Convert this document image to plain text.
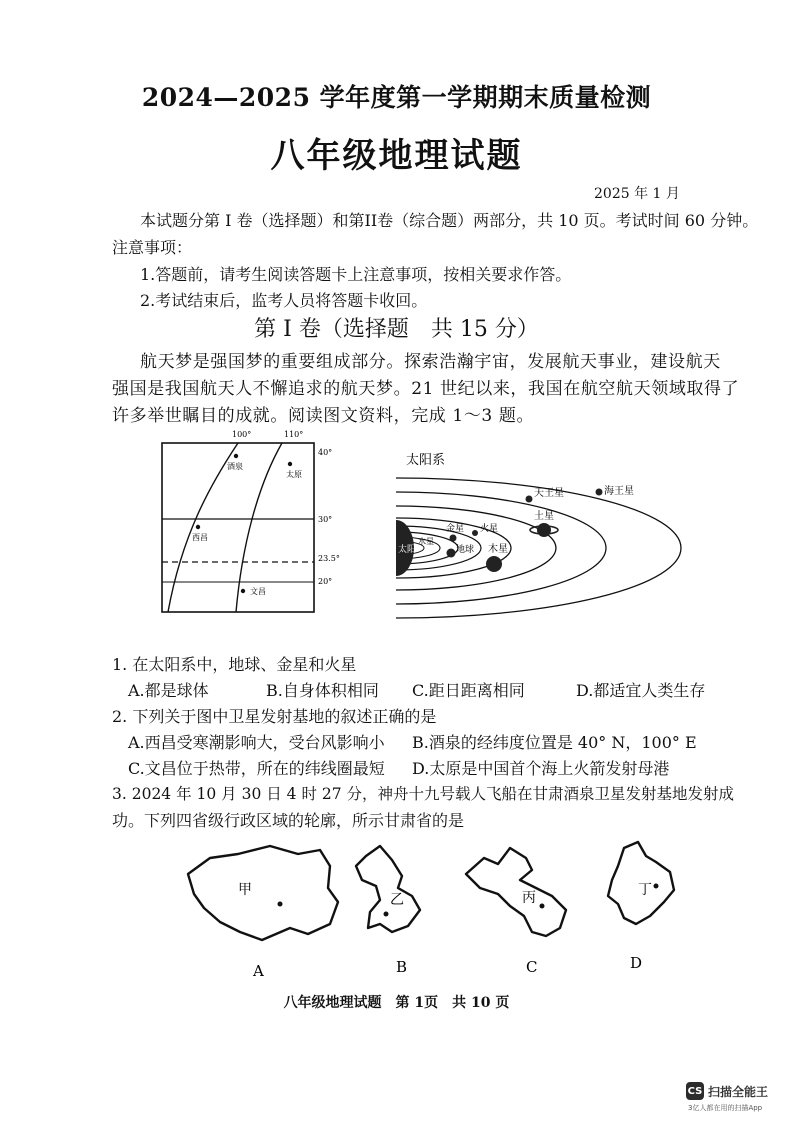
2024—2025 学年度第一学期期末质量检测
八年级地理试题
2025 年 1 月
本试题分第 I 卷（选择题）和第II卷（综合题）两部分，共 10 页。考试时间 60 分钟。
注意事项：
1.答题前，请考生阅读答题卡上注意事项，按相关要求作答。
2.考试结束后，监考人员将答题卡收回。
第 I 卷（选择题　共 15 分）
航天梦是强国梦的重要组成部分。探索浩瀚宇宙，发展航天事业，建设航天
强国是我国航天人不懈追求的航天梦。21 世纪以来，我国在航空航天领域取得了
许多举世瞩目的成就。阅读图文资料，完成 1～3 题。
100°	110°
40°
30°
23.5°
20°
酒泉
太原
西昌
文昌
太阳系
太阳
水星
金星
地球
火星
木星
土星
天王星	海王星
1. 在太阳系中，地球、金星和火星
A.都是球体	B.自身体积相同 C.距日距离相同	D.都适宜人类生存
2. 下列关于图中卫星发射基地的叙述正确的是
A.西昌受寒潮影响大，受台风影响小 B.酒泉的经纬度位置是 40° N，100° E
C.文昌位于热带，所在的纬线圈最短 D.太原是中国首个海上火箭发射母港
3. 2024 年 10 月 30 日 4 时 27 分，神舟十九号载人飞船在甘肃酒泉卫星发射基地发射成
功。下列四省级行政区域的轮廓，所示甘肃省的是
甲
A
乙
B
丙
C
丁
D
八年级地理试题　第 1页　共 10 页
CS 扫描全能王
3亿人都在用的扫描App
